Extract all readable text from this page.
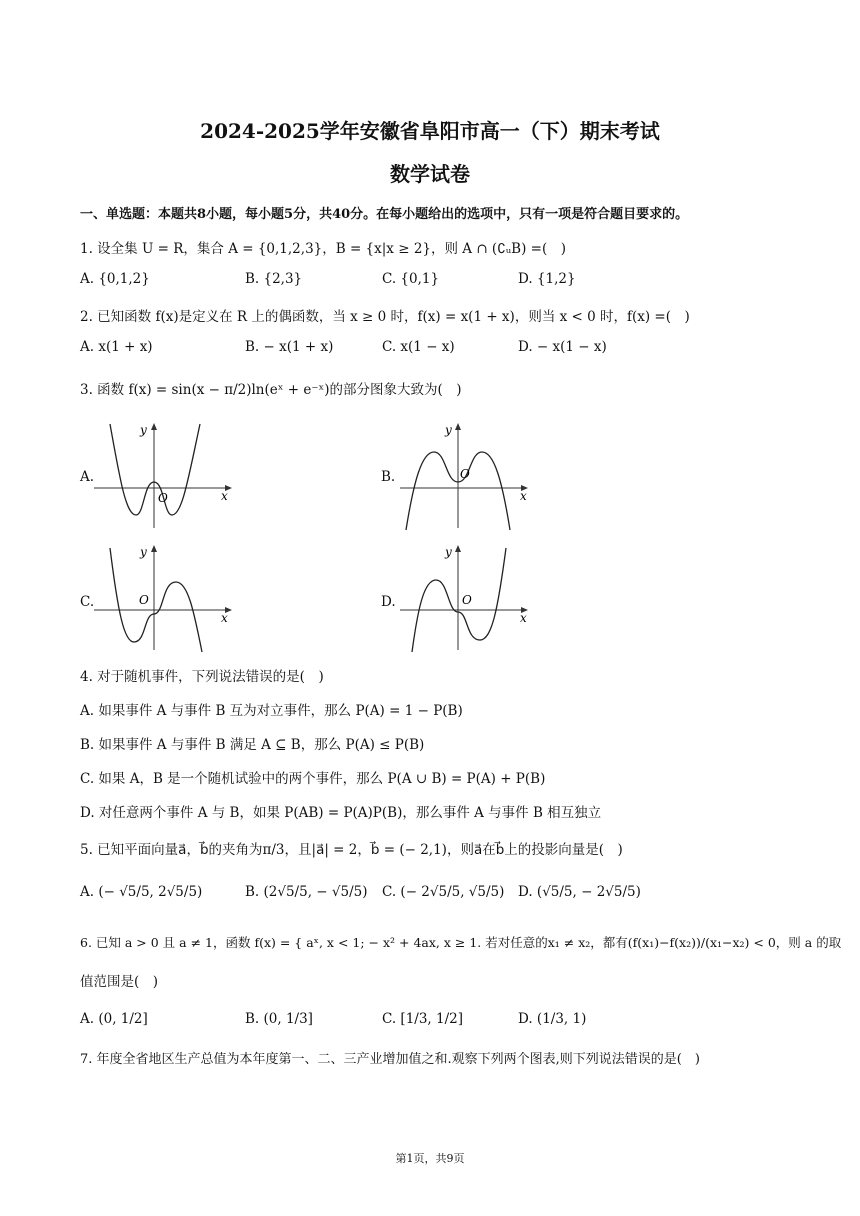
2024-2025学年安徽省阜阳市高一（下）期末考试
数学试卷
一、单选题：本题共8小题，每小题5分，共40分。在每小题给出的选项中，只有一项是符合题目要求的。
1. 设全集 U = R，集合 A = {0,1,2,3}，B = {x|x ≥ 2}，则 A ∩ (∁ᵤB) =(　)
A. {0,1,2}	B. {2,3}	C. {0,1}	D. {1,2}
2. 已知函数 f(x)是定义在 R 上的偶函数，当 x ≥ 0 时，f(x) = x(1 + x)，则当 x < 0 时，f(x) =(　)
A. x(1 + x)	B. − x(1 + x)	C. x(1 − x)	D. − x(1 − x)
3. 函数 f(x) = sin(x − π/2)ln(eˣ + e⁻ˣ)的部分图象大致为(　)
A.
y
x
O
B.
y
x
O
C.
y
x
O	D.
y
x
O
4. 对于随机事件，下列说法错误的是(　)
A. 如果事件 A 与事件 B 互为对立事件，那么 P(A) = 1 − P(B)
B. 如果事件 A 与事件 B 满足 A ⊆ B，那么 P(A) ≤ P(B)
C. 如果 A，B 是一个随机试验中的两个事件，那么 P(A ∪ B) = P(A) + P(B)
D. 对任意两个事件 A 与 B，如果 P(AB) = P(A)P(B)，那么事件 A 与事件 B 相互独立
5. 已知平面向量a⃗，b⃗的夹角为π/3，且|a⃗| = 2，b⃗ = (− 2,1)，则a⃗在b⃗上的投影向量是(　)
A. (− √5/5, 2√5/5)	B. (2√5/5, − √5/5) C. (− 2√5/5, √5/5) D. (√5/5, − 2√5/5)
6. 已知 a > 0 且 a ≠ 1，函数 f(x) = { aˣ, x < 1; − x² + 4ax, x ≥ 1. 若对任意的x₁ ≠ x₂，都有(f(x₁)−f(x₂))/(x₁−x₂) < 0，则 a 的取
值范围是(　)
A. (0, 1/2]	B. (0, 1/3]	C. [1/3, 1/2]	D. (1/3, 1)
7. 年度全省地区生产总值为本年度第一、二、三产业增加值之和.观察下列两个图表,则下列说法错误的是(　)
第1页，共9页
